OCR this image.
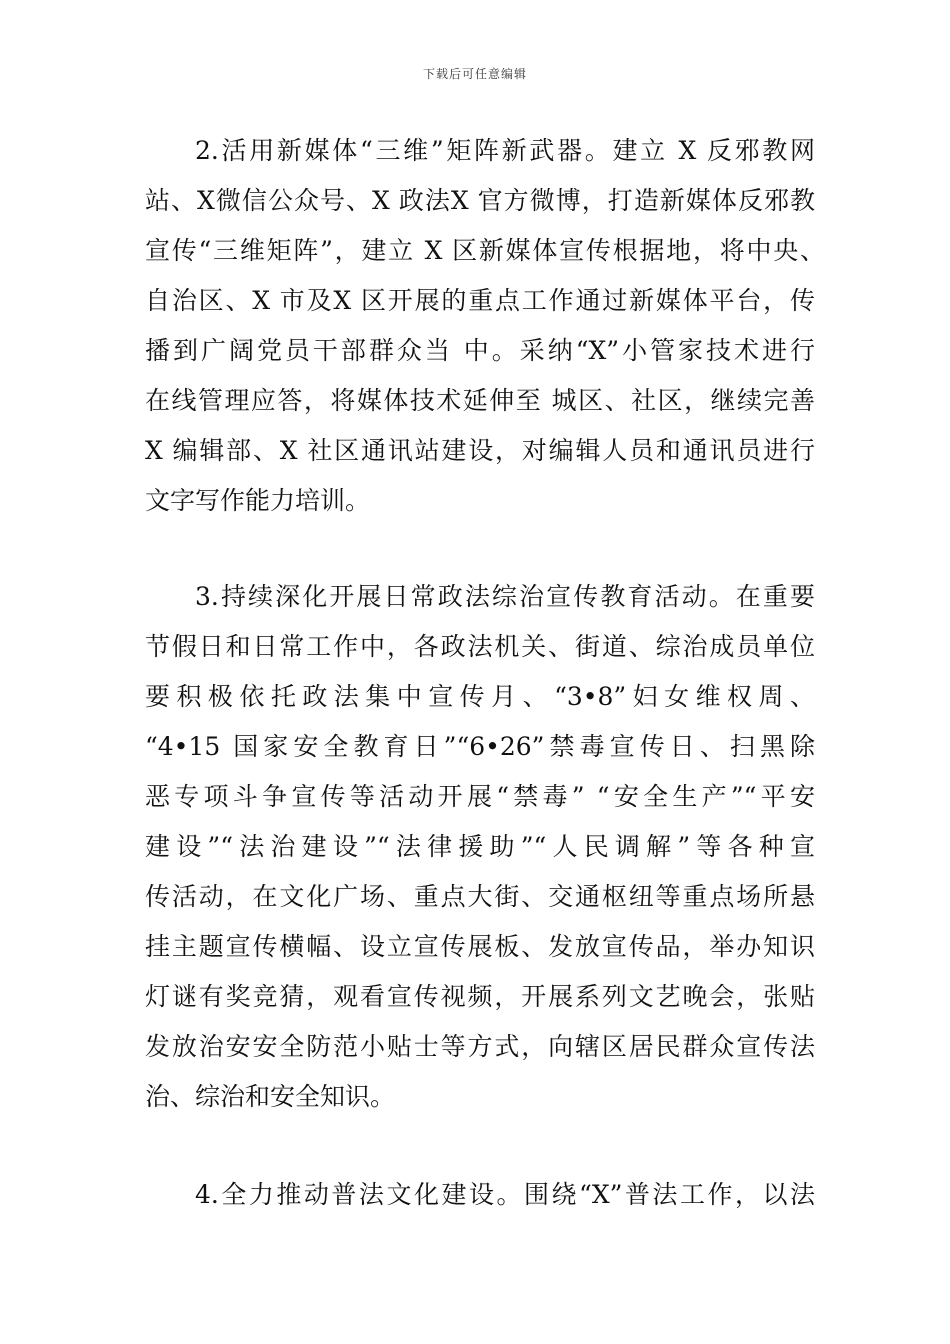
下载后可任意编辑
2.活用新媒体“三维”矩阵新武器。建立 X 反邪教网
站、X微信公众号、X 政法X 官方微博，打造新媒体反邪教
宣传“三维矩阵”，建立 X 区新媒体宣传根据地，将中央、
自治区、X 市及X 区开展的重点工作通过新媒体平台，传
播到广阔党员干部群众当 中。采纳“X”小管家技术进行
在线管理应答，将媒体技术延伸至 城区、社区，继续完善
X 编辑部、X 社区通讯站建设，对编辑人员和通讯员进行
文字写作能力培训。
3.持续深化开展日常政法综治宣传教育活动。在重要
节假日和日常工作中，各政法机关、街道、综治成员单位
要积极依托政法集中宣传月、“3•8”妇女维权周、
“4•15 国家安全教育日”“6•26”禁毒宣传日、扫黑除
恶专项斗争宣传等活动开展“禁毒” “安全生产”“平安
建设”“法治建设”“法律援助”“人民调解”等各种宣
传活动，在文化广场、重点大街、交通枢纽等重点场所悬
挂主题宣传横幅、设立宣传展板、发放宣传品，举办知识
灯谜有奖竞猜，观看宣传视频，开展系列文艺晚会，张贴
发放治安安全防范小贴士等方式，向辖区居民群众宣传法
治、综治和安全知识。
4.全力推动普法文化建设。围绕“X”普法工作，以法
